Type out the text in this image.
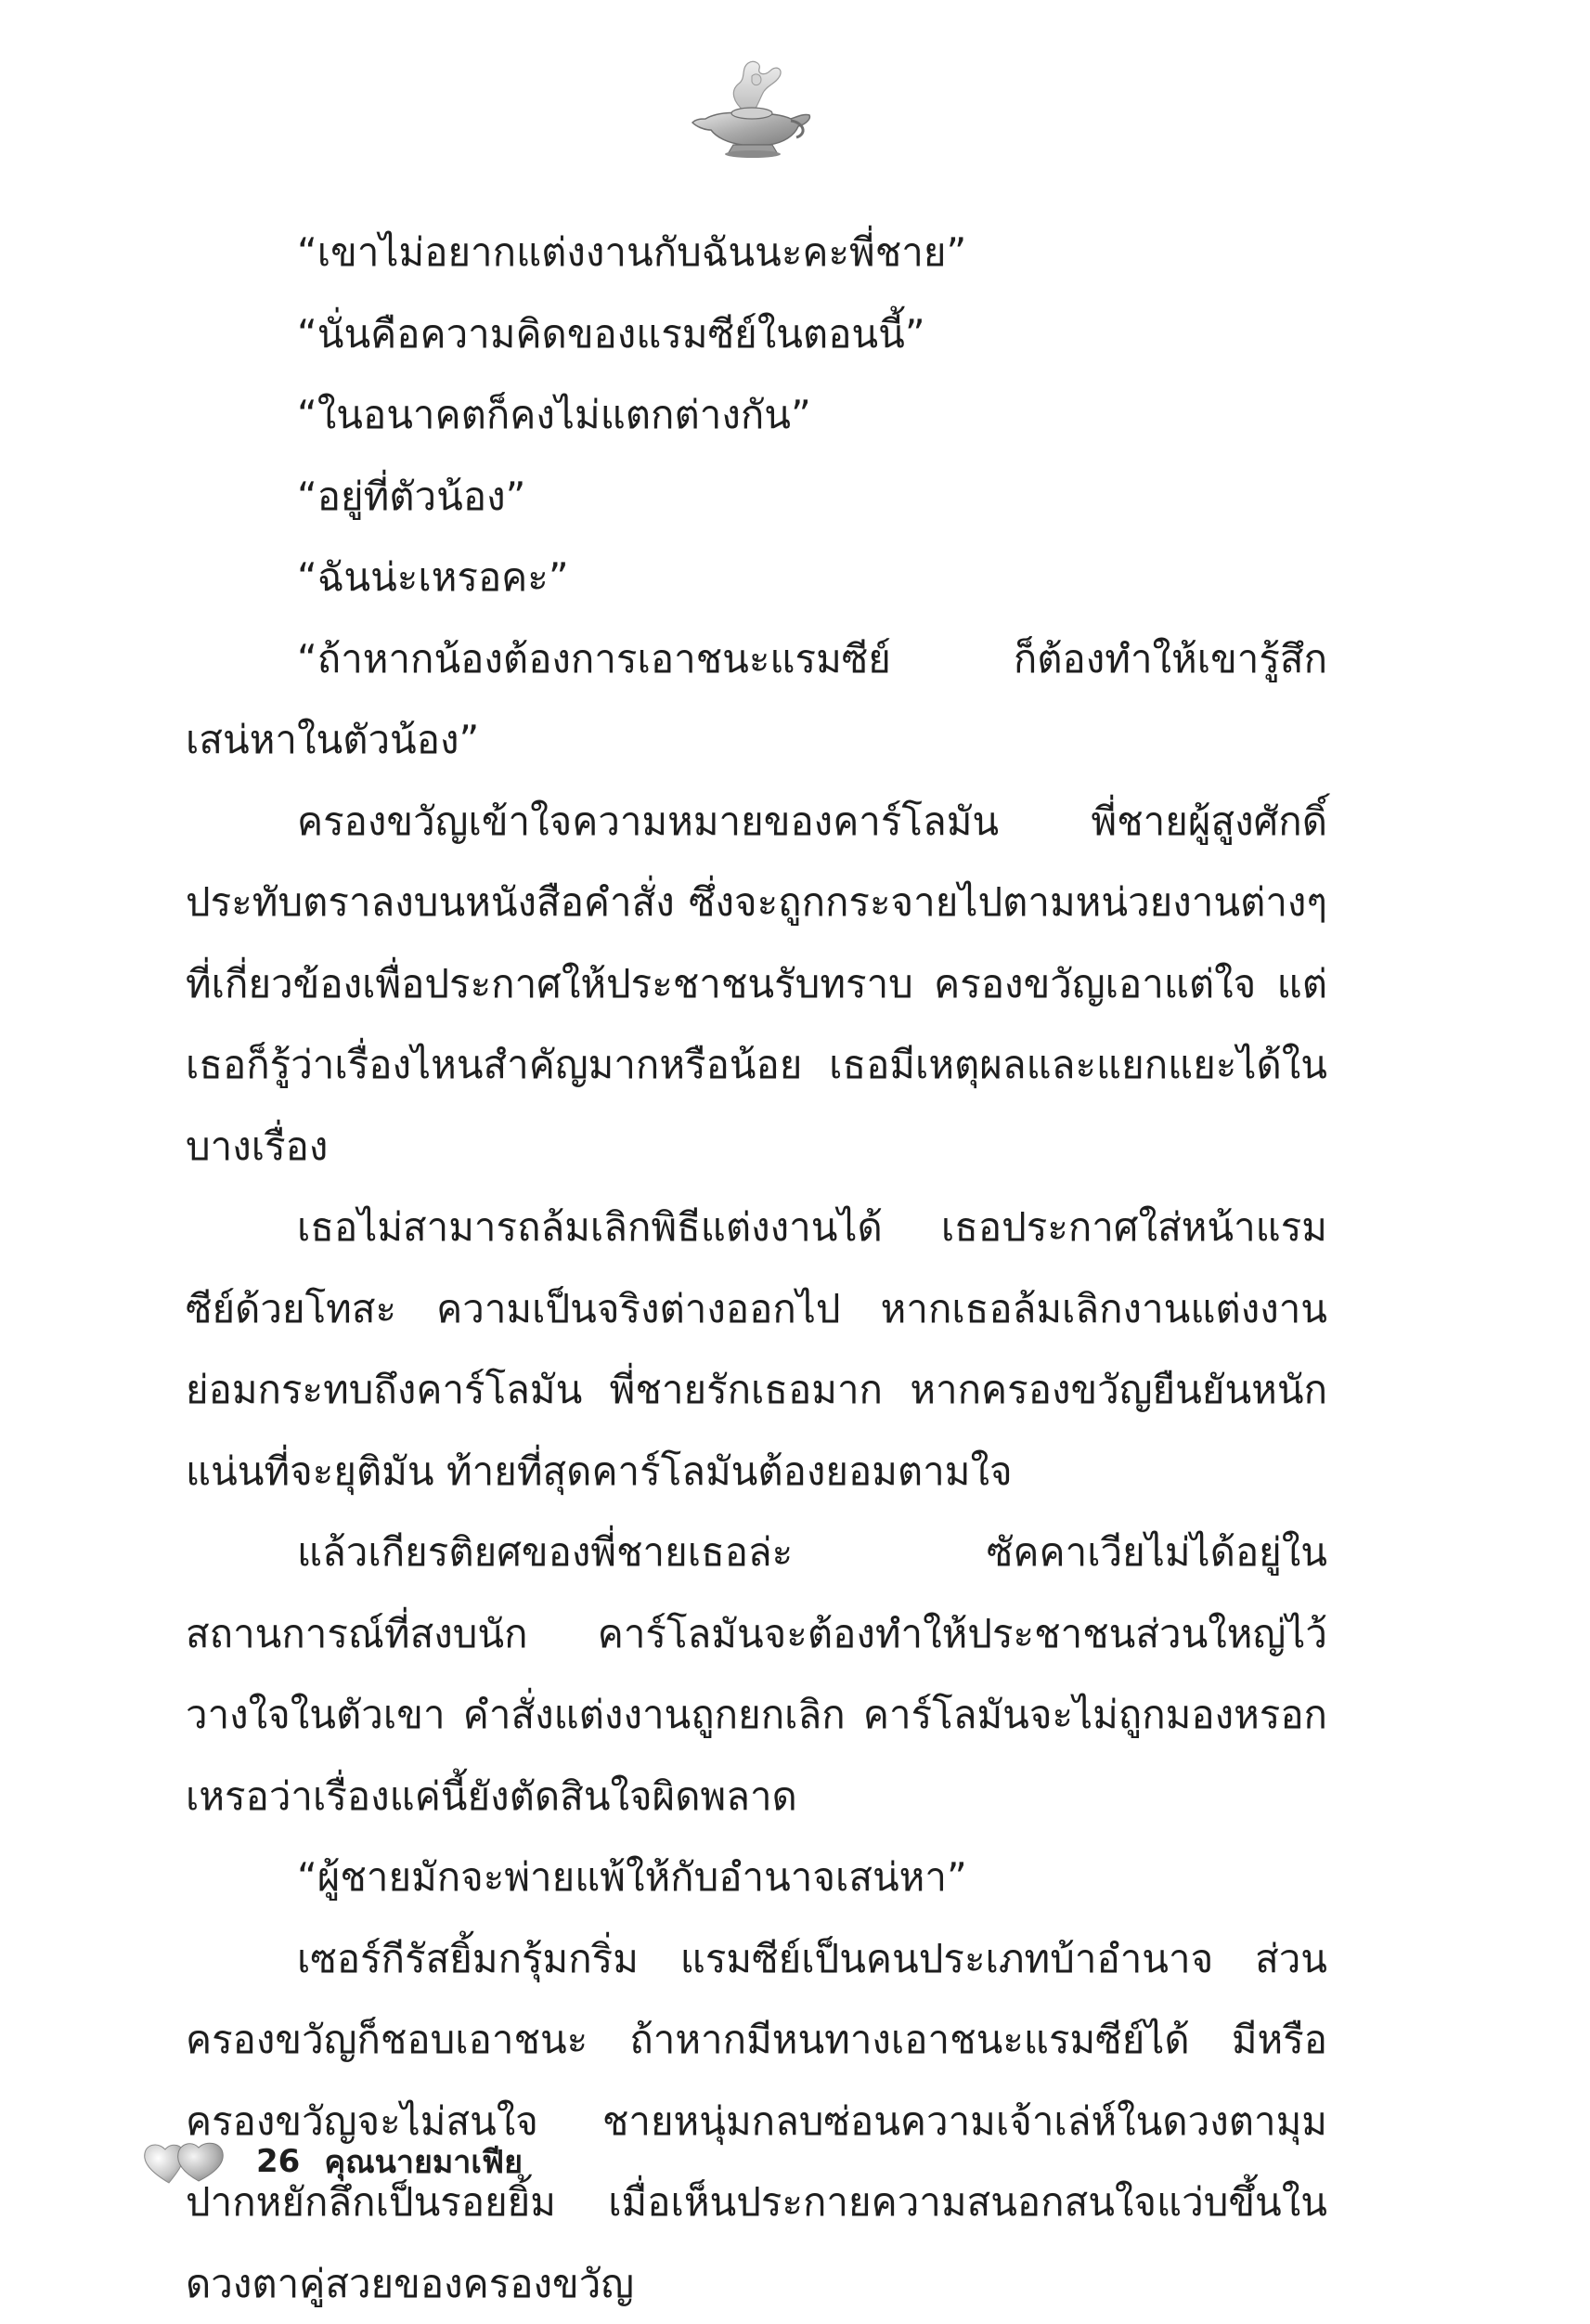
“เขาไม่อยากแต่งงานกับฉันนะคะพี่ชาย”

“นั่นคือความคิดของแรมซีย์ในตอนนี้”

“ในอนาคตก็คงไม่แตกต่างกัน”

“อยู่ที่ตัวน้อง”

“ฉันน่ะเหรอคะ”

“ถ้าหากน้องต้องการเอาชนะแรมซีย์ ก็ต้องทำให้เขารู้สึกเสน่หาในตัวน้อง”

ครองขวัญเข้าใจความหมายของคาร์โลมัน พี่ชายผู้สูงศักดิ์ประทับตราลงบนหนังสือคำสั่ง ซึ่งจะถูกกระจายไปตามหน่วยงานต่างๆ ที่เกี่ยวข้องเพื่อประกาศให้ประชาชนรับทราบ ครองขวัญเอาแต่ใจ แต่เธอก็รู้ว่าเรื่องไหนสำคัญมากหรือน้อย เธอมีเหตุผลและแยกแยะได้ในบางเรื่อง

เธอไม่สามารถล้มเลิกพิธีแต่งงานได้ เธอประกาศใส่หน้าแรมซีย์ด้วยโทสะ ความเป็นจริงต่างออกไป หากเธอล้มเลิกงานแต่งงานย่อมกระทบถึงคาร์โลมัน พี่ชายรักเธอมาก หากครองขวัญยืนยันหนักแน่นที่จะยุติมัน ท้ายที่สุดคาร์โลมันต้องยอมตามใจ

แล้วเกียรติยศของพี่ชายเธอล่ะ ซัคคาเวียไม่ได้อยู่ในสถานการณ์ที่สงบนัก คาร์โลมันจะต้องทำให้ประชาชนส่วนใหญ่ไว้วางใจในตัวเขา คำสั่งแต่งงานถูกยกเลิก คาร์โลมันจะไม่ถูกมองหรอกเหรอว่าเรื่องแค่นี้ยังตัดสินใจผิดพลาด

“ผู้ชายมักจะพ่ายแพ้ให้กับอำนาจเสน่หา”

เซอร์กีรัสยิ้มกรุ้มกริ่ม แรมซีย์เป็นคนประเภทบ้าอำนาจ ส่วนครองขวัญก็ชอบเอาชนะ ถ้าหากมีหนทางเอาชนะแรมซีย์ได้ มีหรือครองขวัญจะไม่สนใจ ชายหนุ่มกลบซ่อนความเจ้าเล่ห์ในดวงตามุมปากหยักลึกเป็นรอยยิ้ม เมื่อเห็นประกายความสนอกสนใจแว่บขึ้นในดวงตาคู่สวยของครองขวัญ

26 คุณนายมาเฟีย
